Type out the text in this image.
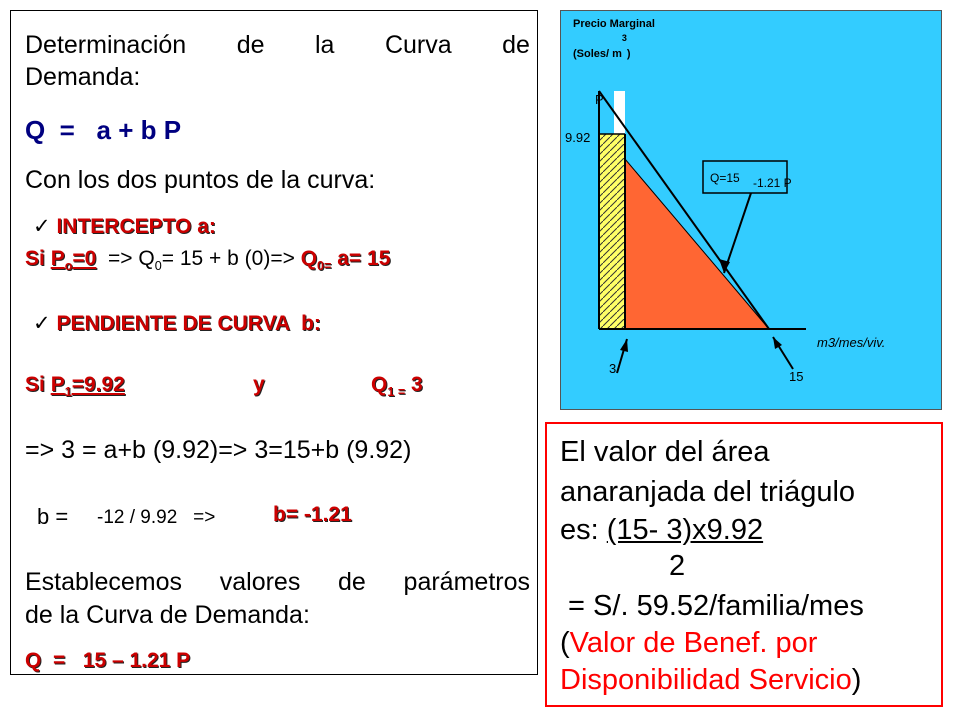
Determinación de la Curva de
Demanda:
Q  =   a + b P
Con los dos puntos de la curva:
✓ INTERCEPTO a:
Si $P_o=0 => Q_0= 15 + b$ $(0)=> Q_{0=}$ a= 15
✓ PENDIENTE DE CURVA  b:
Si $P_1=9.92$	y	$Q_{1 =}$ 3
=> 3 = a+b (9.92)=> 3=15+b (9.92)
b = -12 / 9.92   =>	b= -1.21
Establecemos valores de parámetros
de la Curva de Demanda:
Q  =   15 – 1.21 P
Precio Marginal
(Soles/ $m^3$)
P
9.92
3
15
m3/mes/viv.
Q=15 -1.21 P
El valor del área
anaranjada del triágulo
es: (15- 3)x9.92
2
= S/. 59.52/familia/mes
(Valor de Benef. por
Disponibilidad Servicio)
